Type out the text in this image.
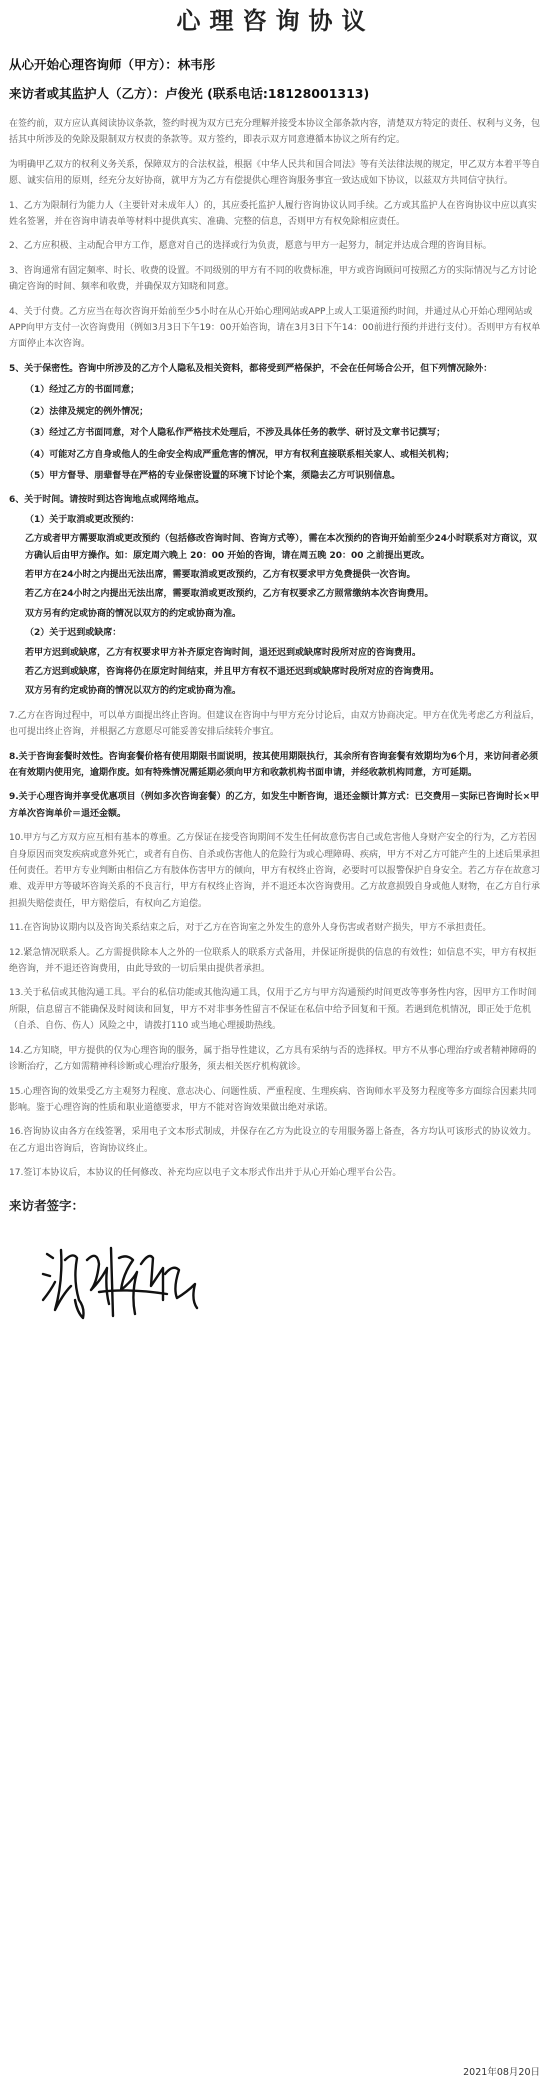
心理咨询协议

从心开始心理咨询师（甲方）：林韦彤

来访者或其监护人（乙方）：卢俊光 (联系电话:18128001313)

在签约前，双方应认真阅读协议条款，签约时视为双方已充分理解并接受本协议全部条款内容，清楚双方特定的责任、权利与义务，包括其中所涉及的免除及限制双方权责的条款等。双方签约，即表示双方同意遵循本协议之所有约定。

为明确甲乙双方的权利义务关系，保障双方的合法权益，根据《中华人民共和国合同法》等有关法律法规的规定，甲乙双方本着平等自愿、诚实信用的原则，经充分友好协商，就甲方为乙方有偿提供心理咨询服务事宜一致达成如下协议，以兹双方共同信守执行。

1、乙方为限制行为能力人（主要针对未成年人）的，其应委托监护人履行咨询协议认同手续。乙方或其监护人在咨询协议中应以真实姓名签署，并在咨询申请表单等材料中提供真实、准确、完整的信息，否则甲方有权免除相应责任。

2、乙方应积极、主动配合甲方工作，愿意对自己的选择或行为负责，愿意与甲方一起努力，制定并达成合理的咨询目标。

3、咨询通常有固定频率、时长、收费的设置。不同级别的甲方有不同的收费标准，甲方或咨询顾问可按照乙方的实际情况与乙方讨论确定咨询的时间、频率和收费，并确保双方知晓和同意。

4、关于付费。乙方应当在每次咨询开始前至少5小时在从心开始心理网站或APP上或人工渠道预约时间，并通过从心开始心理网站或APP向甲方支付一次咨询费用（例如3月3日下午19：00开始咨询，请在3月3日下午14：00前进行预约并进行支付）。否则甲方有权单方面停止本次咨询。

5、关于保密性。咨询中所涉及的乙方个人隐私及相关资料，都将受到严格保护，不会在任何场合公开，但下列情况除外：

（1）经过乙方的书面同意；

（2）法律及规定的例外情况；

（3）经过乙方书面同意，对个人隐私作严格技术处理后，不涉及具体任务的教学、研讨及文章书记撰写；

（4）可能对乙方自身或他人的生命安全构成严重危害的情况，甲方有权利直接联系相关家人、或相关机构；

（5）甲方督导、朋辈督导在严格的专业保密设置的环境下讨论个案，须隐去乙方可识别信息。

6、关于时间。请按时到达咨询地点或网络地点。

（1）关于取消或更改预约：

乙方或者甲方需要取消或更改预约（包括修改咨询时间、咨询方式等），需在本次预约的咨询开始前至少24小时联系对方商议，双方确认后由甲方操作。如：原定周六晚上 20：00 开始的咨询，请在周五晚 20：00 之前提出更改。

若甲方在24小时之内提出无法出席，需要取消或更改预约，乙方有权要求甲方免费提供一次咨询。

若乙方在24小时之内提出无法出席，需要取消或更改预约，乙方有权要求乙方照常缴纳本次咨询费用。

双方另有约定或协商的情况以双方的约定或协商为准。

（2）关于迟到或缺席：

若甲方迟到或缺席，乙方有权要求甲方补齐原定咨询时间，退还迟到或缺席时段所对应的咨询费用。

若乙方迟到或缺席，咨询将仍在原定时间结束，并且甲方有权不退还迟到或缺席时段所对应的咨询费用。

双方另有约定或协商的情况以双方的约定或协商为准。

7.乙方在咨询过程中，可以单方面提出终止咨询。但建议在咨询中与甲方充分讨论后，由双方协商决定。甲方在优先考虑乙方利益后，也可提出终止咨询，并根据乙方意愿尽可能妥善安排后续转介事宜。

8.关于咨询套餐时效性。咨询套餐价格有使用期限书面说明，按其使用期限执行，其余所有咨询套餐有效期均为6个月，来访问者必须在有效期内使用完，逾期作废。如有特殊情况需延期必须向甲方和收款机构书面申请，并经收款机构同意，方可延期。

9.关于心理咨询并享受优惠项目（例如多次咨询套餐）的乙方，如发生中断咨询，退还金额计算方式：已交费用－实际已咨询时长×甲方单次咨询单价＝退还金额。

10.甲方与乙方双方应互相有基本的尊重。乙方保证在接受咨询期间不发生任何故意伤害自己或危害他人身财产安全的行为，乙方若因自身原因而突发疾病或意外死亡，或者有自伤、自杀或伤害他人的危险行为或心理障碍、疾病，甲方不对乙方可能产生的上述后果承担任何责任。若甲方专业判断由相信乙方有肢体伤害甲方的倾向，甲方有权终止咨询，必要时可以报警保护自身安全。若乙方存在故意习难、戏弄甲方等破坏咨询关系的不良言行，甲方有权终止咨询，并不退还本次咨询费用。乙方故意损毁自身或他人财物，在乙方自行承担损失赔偿责任，甲方赔偿后，有权向乙方追偿。

11.在咨询协议期内以及咨询关系结束之后，对于乙方在咨询室之外发生的意外人身伤害或者财产损失，甲方不承担责任。

12.紧急情况联系人。乙方需提供除本人之外的一位联系人的联系方式备用，并保证所提供的信息的有效性；如信息不实，甲方有权拒绝咨询，并不退还咨询费用，由此导致的一切后果由提供者承担。

13.关于私信或其他沟通工具。平台的私信功能或其他沟通工具，仅用于乙方与甲方沟通预约时间更改等事务性内容，因甲方工作时间所限，信息留言不能确保及时阅读和回复，甲方不对非事务性留言不保证在私信中给予回复和干预。若遇到危机情况，即正处于危机（自杀、自伤、伤人）风险之中，请拨打110 或当地心理援助热线。

14.乙方知晓，甲方提供的仅为心理咨询的服务，属于指导性建议，乙方具有采纳与否的选择权。甲方不从事心理治疗或者精神障碍的诊断治疗，乙方如需精神科诊断或心理治疗服务，须去相关医疗机构就诊。

15.心理咨询的效果受乙方主观努力程度、意志决心、问题性质、严重程度、生理疾病、咨询师水平及努力程度等多方面综合因素共同影响。鉴于心理咨询的性质和职业道德要求，甲方不能对咨询效果做出绝对承诺。

16.咨询协议由各方在线签署，采用电子文本形式制成，并保存在乙方为此设立的专用服务器上备查，各方均认可该形式的协议效力。在乙方退出咨询后，咨询协议终止。

17.签订本协议后，本协议的任何修改、补充均应以电子文本形式作出并于从心开始心理平台公告。

来访者签字：

2021年08月20日
